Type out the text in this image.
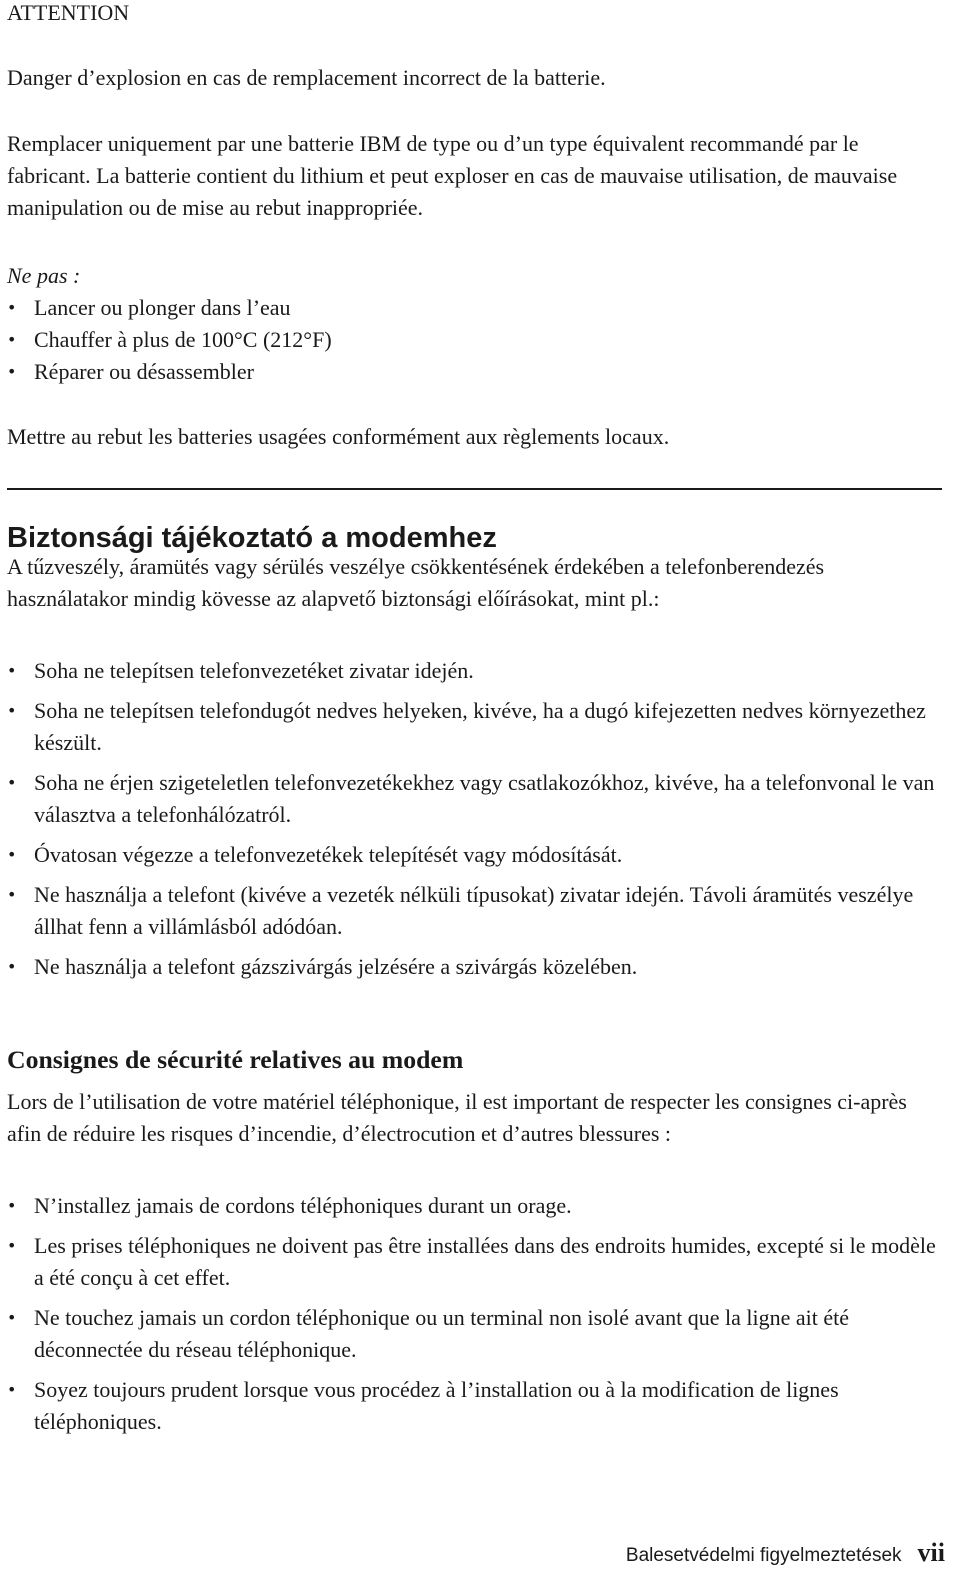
ATTENTION

Danger d’explosion en cas de remplacement incorrect de la batterie.

Remplacer uniquement par une batterie IBM de type ou d’un type équivalent recommandé par le fabricant. La batterie contient du lithium et peut exploser en cas de mauvaise utilisation, de mauvaise manipulation ou de mise au rebut inappropriée.

Ne pas :

• Lancer ou plonger dans l’eau
• Chauffer à plus de 100°C (212°F)
• Réparer ou désassembler

Mettre au rebut les batteries usagées conformément aux règlements locaux.

Biztonsági tájékoztató a modemhez

A tűzveszély, áramütés vagy sérülés veszélye csökkentésének érdekében a telefonberendezés használatakor mindig kövesse az alapvető biztonsági előírásokat, mint pl.:

• Soha ne telepítsen telefonvezetéket zivatar idején.
• Soha ne telepítsen telefondugót nedves helyeken, kivéve, ha a dugó kifejezetten nedves környezethez készült.
• Soha ne érjen szigeteletlen telefonvezetékekhez vagy csatlakozókhoz, kivéve, ha a telefonvonal le van választva a telefonhálózatról.
• Óvatosan végezze a telefonvezetékek telepítését vagy módosítását.
• Ne használja a telefont (kivéve a vezeték nélküli típusokat) zivatar idején. Távoli áramütés veszélye állhat fenn a villámlásból adódóan.
• Ne használja a telefont gázszivárgás jelzésére a szivárgás közelében.
Consignes de sécurité relatives au modem

Lors de l’utilisation de votre matériel téléphonique, il est important de respecter les consignes ci-après afin de réduire les risques d’incendie, d’électrocution et d’autres blessures :

• N’installez jamais de cordons téléphoniques durant un orage.
• Les prises téléphoniques ne doivent pas être installées dans des endroits humides, excepté si le modèle a été conçu à cet effet.
• Ne touchez jamais un cordon téléphonique ou un terminal non isolé avant que la ligne ait été déconnectée du réseau téléphonique.
• Soyez toujours prudent lorsque vous procédez à l’installation ou à la modification de lignes téléphoniques.
Balesetvédelmi figyelmeztetések vii
